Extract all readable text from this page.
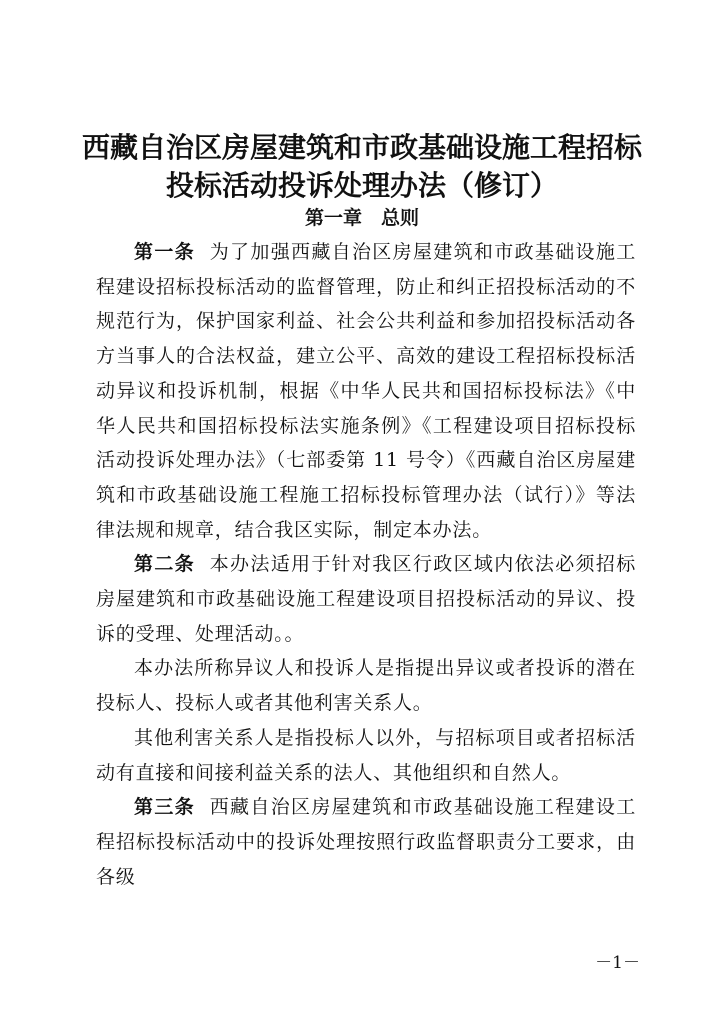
西藏自治区房屋建筑和市政基础设施工程招标
投标活动投诉处理办法（修订）
第一章　总则

第一条 为了加强西藏自治区房屋建筑和市政基础设施工程建设招标投标活动的监督管理，防止和纠正招投标活动的不规范行为，保护国家利益、社会公共利益和参加招投标活动各方当事人的合法权益，建立公平、高效的建设工程招标投标活动异议和投诉机制，根据《中华人民共和国招标投标法》《中华人民共和国招标投标法实施条例》《工程建设项目招标投标活动投诉处理办法》（七部委第 11 号令）《西藏自治区房屋建筑和市政基础设施工程施工招标投标管理办法（试行）》等法律法规和规章，结合我区实际，制定本办法。

第二条 本办法适用于针对我区行政区域内依法必须招标房屋建筑和市政基础设施工程建设项目招投标活动的异议、投诉的受理、处理活动。。

本办法所称异议人和投诉人是指提出异议或者投诉的潜在投标人、投标人或者其他利害关系人。

其他利害关系人是指投标人以外，与招标项目或者招标活动有直接和间接利益关系的法人、其他组织和自然人。

第三条 西藏自治区房屋建筑和市政基础设施工程建设工程招标投标活动中的投诉处理按照行政监督职责分工要求，由各级

－1－
